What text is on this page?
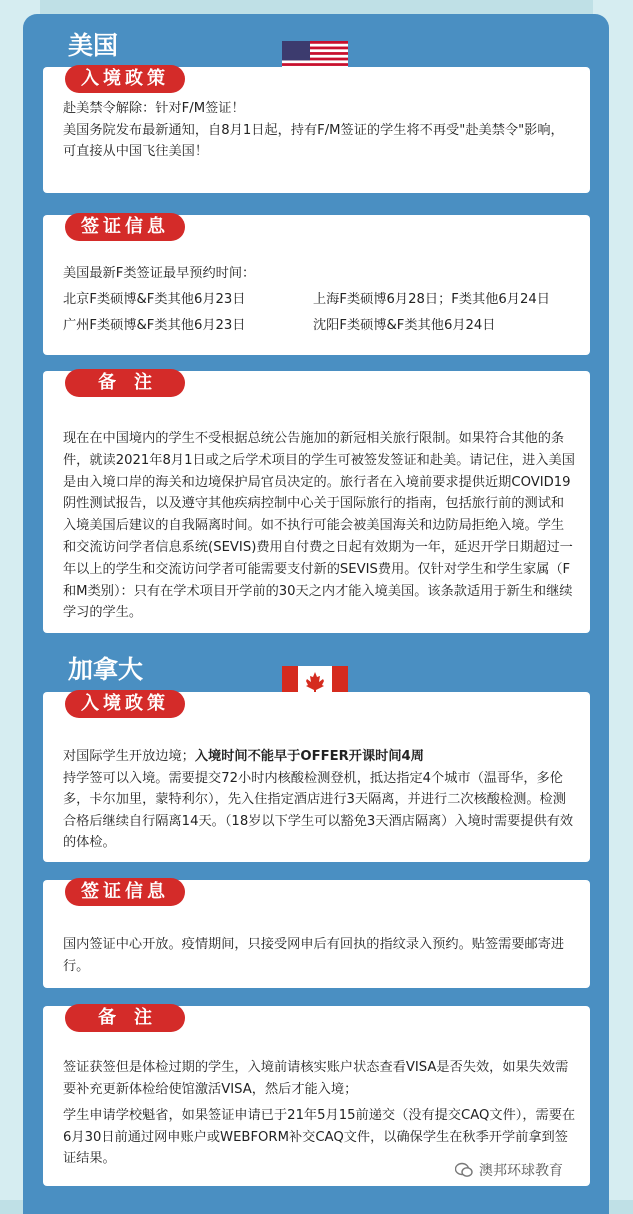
美国
入境政策

赴美禁令解除：针对F/M签证！

美国务院发布最新通知，自8月1日起，持有F/M签证的学生将不再受"赴美禁令"影响，可直接从中国飞往美国！

签证信息

美国最新F类签证最早预约时间：

北京F类硕博&F类其他6月23日	上海F类硕博6月28日；F类其他6月24日
广州F类硕博&F类其他6月23日	沈阳F类硕博&F类其他6月24日
备注

现在在中国境内的学生不受根据总统公告施加的新冠相关旅行限制。如果符合其他的条件，就读2021年8月1日或之后学术项目的学生可被签发签证和赴美。请记住，进入美国是由入境口岸的海关和边境保护局官员决定的。旅行者在入境前要求提供近期COVID19阴性测试报告，以及遵守其他疾病控制中心关于国际旅行的指南，包括旅行前的测试和入境美国后建议的自我隔离时间。如不执行可能会被美国海关和边防局拒绝入境。学生和交流访问学者信息系统(SEVIS)费用自付费之日起有效期为一年，延迟开学日期超过一年以上的学生和交流访问学者可能需要支付新的SEVIS费用。仅针对学生和学生家属（F和M类别）：只有在学术项目开学前的30天之内才能入境美国。该条款适用于新生和继续学习的学生。

加拿大
入境政策

对国际学生开放边境；入境时间不能早于OFFER开课时间4周

持学签可以入境。需要提交72小时内核酸检测登机，抵达指定4个城市（温哥华，多伦多，卡尔加里，蒙特利尔），先入住指定酒店进行3天隔离，并进行二次核酸检测。检测合格后继续自行隔离14天。（18岁以下学生可以豁免3天酒店隔离）入境时需要提供有效的体检。

签证信息

国内签证中心开放。疫情期间，只接受网申后有回执的指纹录入预约。贴签需要邮寄进行。

备注

签证获签但是体检过期的学生，入境前请核实账户状态查看VISA是否失效，如果失效需要补充更新体检给使馆激活VISA，然后才能入境；

学生申请学校魁省，如果签证申请已于21年5月15前递交（没有提交CAQ文件），需要在6月30日前通过网申账户或WEBFORM补交CAQ文件，以确保学生在秋季开学前拿到签证结果。

澳邦环球教育
